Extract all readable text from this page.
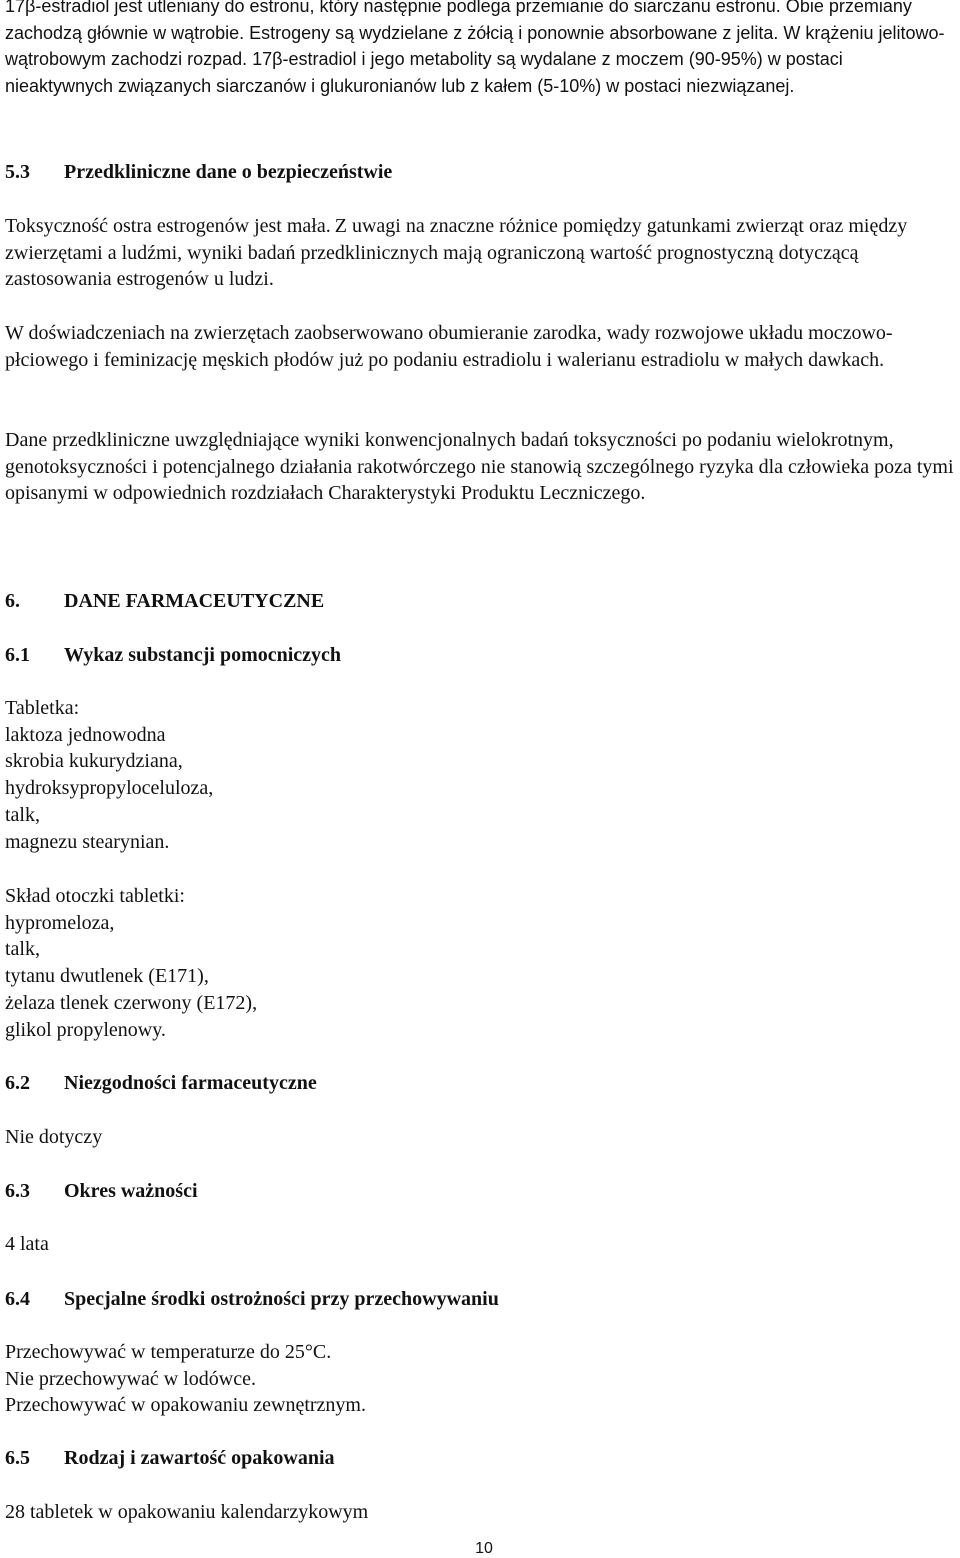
17β-estradiol jest utleniany do estronu, który następnie podlega przemianie do siarczanu estronu. Obie przemiany zachodzą głównie w wątrobie. Estrogeny są wydzielane z żółcią i ponownie absorbowane z jelita. W krążeniu jelitowo-wątrobowym zachodzi rozpad. 17β-estradiol i jego metabolity są wydalane z moczem (90-95%) w postaci nieaktywnych związanych siarczanów i glukuronianów lub z kałem (5-10%) w postaci niezwiązanej.

5.3 Przedkliniczne dane o bezpieczeństwie

Toksyczność ostra estrogenów jest mała. Z uwagi na znaczne różnice pomiędzy gatunkami zwierząt oraz między zwierzętami a ludźmi, wyniki badań przedklinicznych mają ograniczoną wartość prognostyczną dotyczącą zastosowania estrogenów u ludzi.

W doświadczeniach na zwierzętach zaobserwowano obumieranie zarodka, wady rozwojowe układu moczowo-płciowego i feminizację męskich płodów już po podaniu estradiolu i walerianu estradiolu w małych dawkach.

Dane przedkliniczne uwzględniające wyniki konwencjonalnych badań toksyczności po podaniu wielokrotnym, genotoksyczności i potencjalnego działania rakotwórczego nie stanowią szczególnego ryzyka dla człowieka poza tymi opisanymi w odpowiednich rozdziałach Charakterystyki Produktu Leczniczego.

6. DANE FARMACEUTYCZNE
6.1 Wykaz substancji pomocniczych
Tabletka:
laktoza jednowodna
skrobia kukurydziana,
hydroksypropyloceluloza,
talk,
magnezu stearynian.
Skład otoczki tabletki:
hypromeloza,
talk,
tytanu dwutlenek (E171),
żelaza tlenek czerwony (E172),
glikol propylenowy.
6.2 Niezgodności farmaceutyczne

Nie dotyczy

6.3 Okres ważności

4 lata

6.4 Specjalne środki ostrożności przy przechowywaniu
Przechowywać w temperaturze do 25°C.
Nie przechowywać w lodówce.
Przechowywać w opakowaniu zewnętrznym.
6.5 Rodzaj i zawartość opakowania

28 tabletek w opakowaniu kalendarzykowym

10
